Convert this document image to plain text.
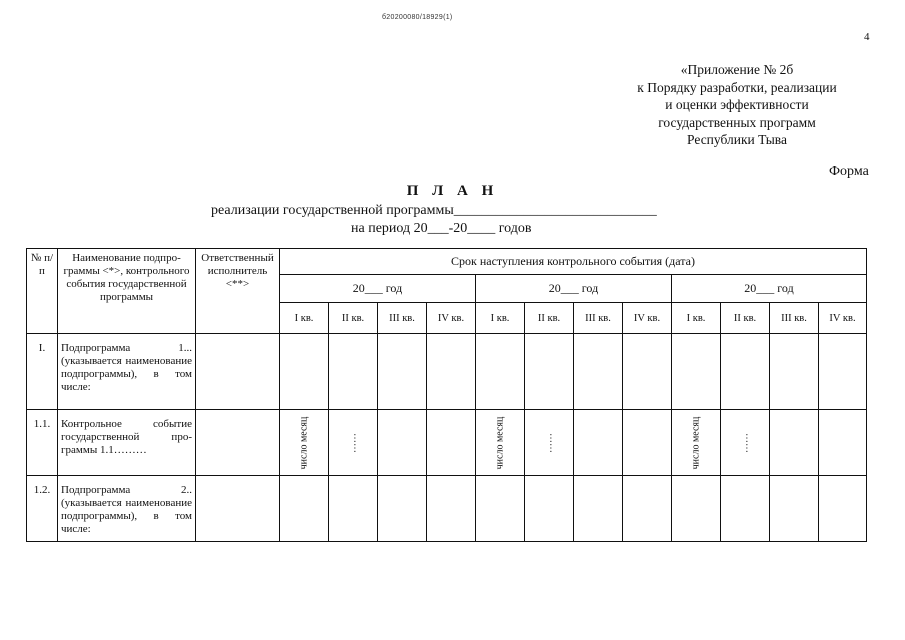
б20200080/18929(1)
4
«Приложение № 2б
к Порядку разработки, реализации
и оценки эффективности
государственных программ
Республики Тыва
Форма
П Л А Н
реализации государственной программы_____________________________
на период 20___-20____ годов
№ п/п	Наименование подпрограммы <*>, контрольного события государственной программы	Ответственный исполнитель <**>	Срок наступления контрольного события (дата)											
			20___ год				20___ год				20___ год			
			I кв.	II кв.	III кв.	IV кв.	I кв.	II кв.	III кв.	IV кв.	I кв.	II кв.	III кв.	IV кв.
I.	Подпрограмма 1...(указывается наименование подпрограммы), в том числе:													
1.1.	Контрольное событие государственной программы 1.1………		число месяц	……			число месяц	……			число месяц	……		

1.2.	Подпрограмма 2..(указывается наименование подпрограммы), в том числе:													
